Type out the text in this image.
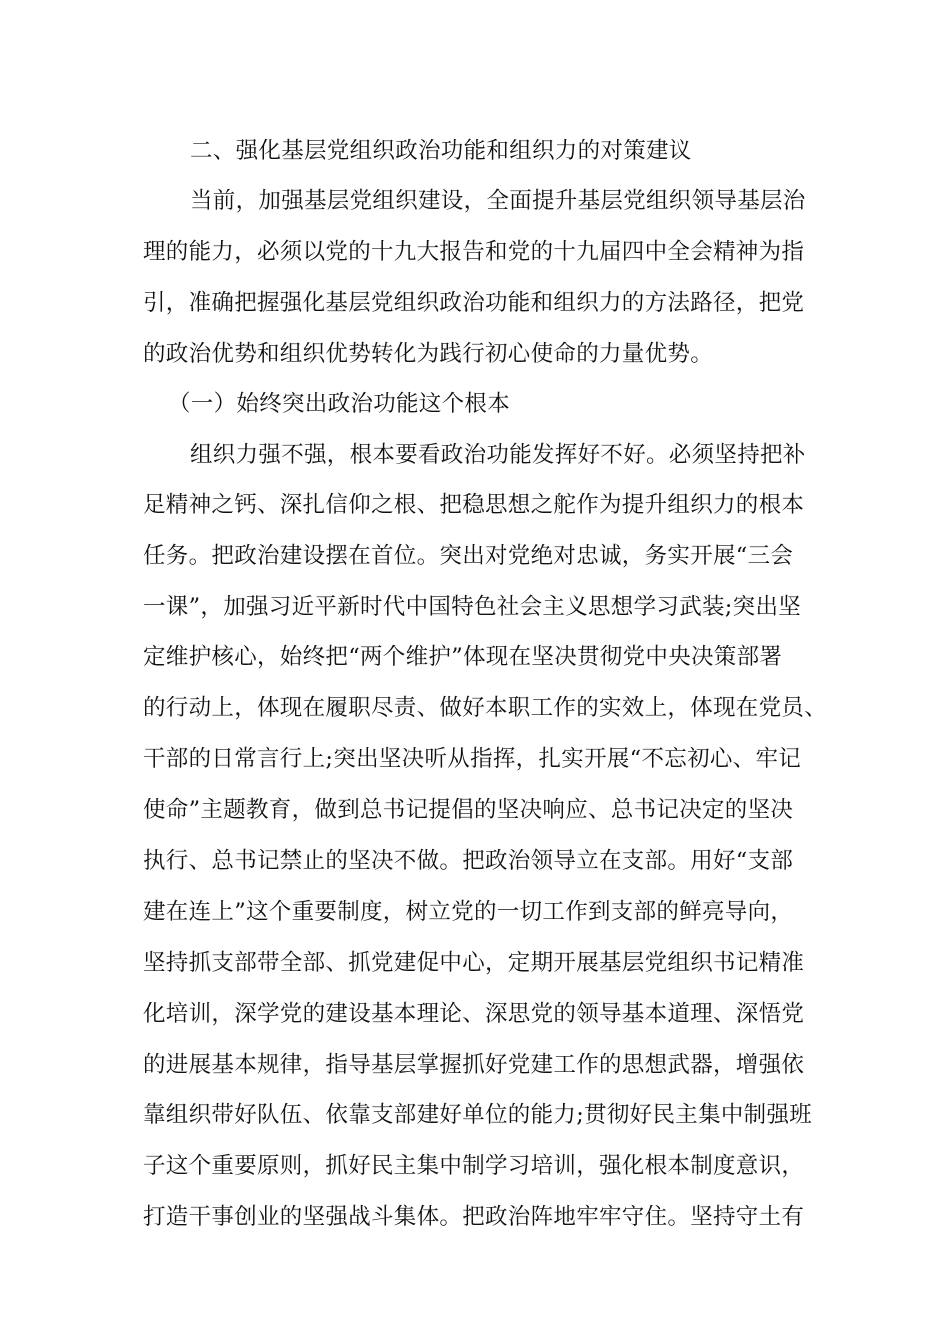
二、强化基层党组织政治功能和组织力的对策建议
当前，加强基层党组织建设，全面提升基层党组织领导基层治
理的能力，必须以党的十九大报告和党的十九届四中全会精神为指
引，准确把握强化基层党组织政治功能和组织力的方法路径，把党
的政治优势和组织优势转化为践行初心使命的力量优势。
（一）始终突出政治功能这个根本
组织力强不强，根本要看政治功能发挥好不好。必须坚持把补
足精神之钙、深扎信仰之根、把稳思想之舵作为提升组织力的根本
任务。把政治建设摆在首位。突出对党绝对忠诚，务实开展“三会
一课”，加强习近平新时代中国特色社会主义思想学习武装;突出坚
定维护核心，始终把“两个维护”体现在坚决贯彻党中央决策部署
的行动上，体现在履职尽责、做好本职工作的实效上，体现在党员、
干部的日常言行上;突出坚决听从指挥，扎实开展“不忘初心、牢记
使命”主题教育，做到总书记提倡的坚决响应、总书记决定的坚决
执行、总书记禁止的坚决不做。把政治领导立在支部。用好“支部
建在连上”这个重要制度，树立党的一切工作到支部的鲜亮导向，
坚持抓支部带全部、抓党建促中心，定期开展基层党组织书记精准
化培训，深学党的建设基本理论、深思党的领导基本道理、深悟党
的进展基本规律，指导基层掌握抓好党建工作的思想武器，增强依
靠组织带好队伍、依靠支部建好单位的能力;贯彻好民主集中制强班
子这个重要原则，抓好民主集中制学习培训，强化根本制度意识，
打造干事创业的坚强战斗集体。把政治阵地牢牢守住。坚持守土有
